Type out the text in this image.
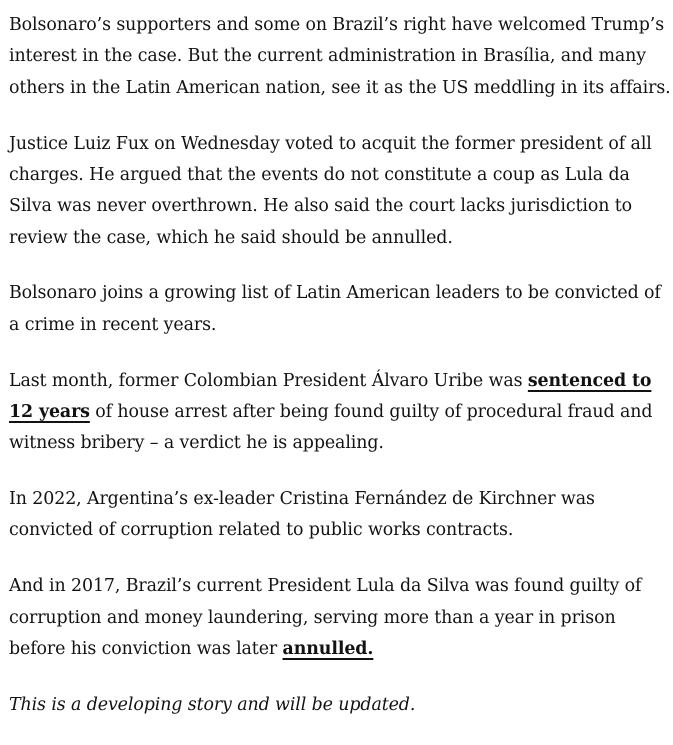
Bolsonaro’s supporters and some on Brazil’s right have welcomed Trump’s interest in the case. But the current administration in Brasília, and many others in the Latin American nation, see it as the US meddling in its affairs.

Justice Luiz Fux on Wednesday voted to acquit the former president of all charges. He argued that the events do not constitute a coup as Lula da Silva was never overthrown. He also said the court lacks jurisdiction to review the case, which he said should be annulled.

Bolsonaro joins a growing list of Latin American leaders to be convicted of a crime in recent years.

Last month, former Colombian President Álvaro Uribe was sentenced to 12 years of house arrest after being found guilty of procedural fraud and witness bribery – a verdict he is appealing.

In 2022, Argentina’s ex-leader Cristina Fernández de Kirchner was convicted of corruption related to public works contracts.

And in 2017, Brazil’s current President Lula da Silva was found guilty of corruption and money laundering, serving more than a year in prison before his conviction was later annulled.

This is a developing story and will be updated.
